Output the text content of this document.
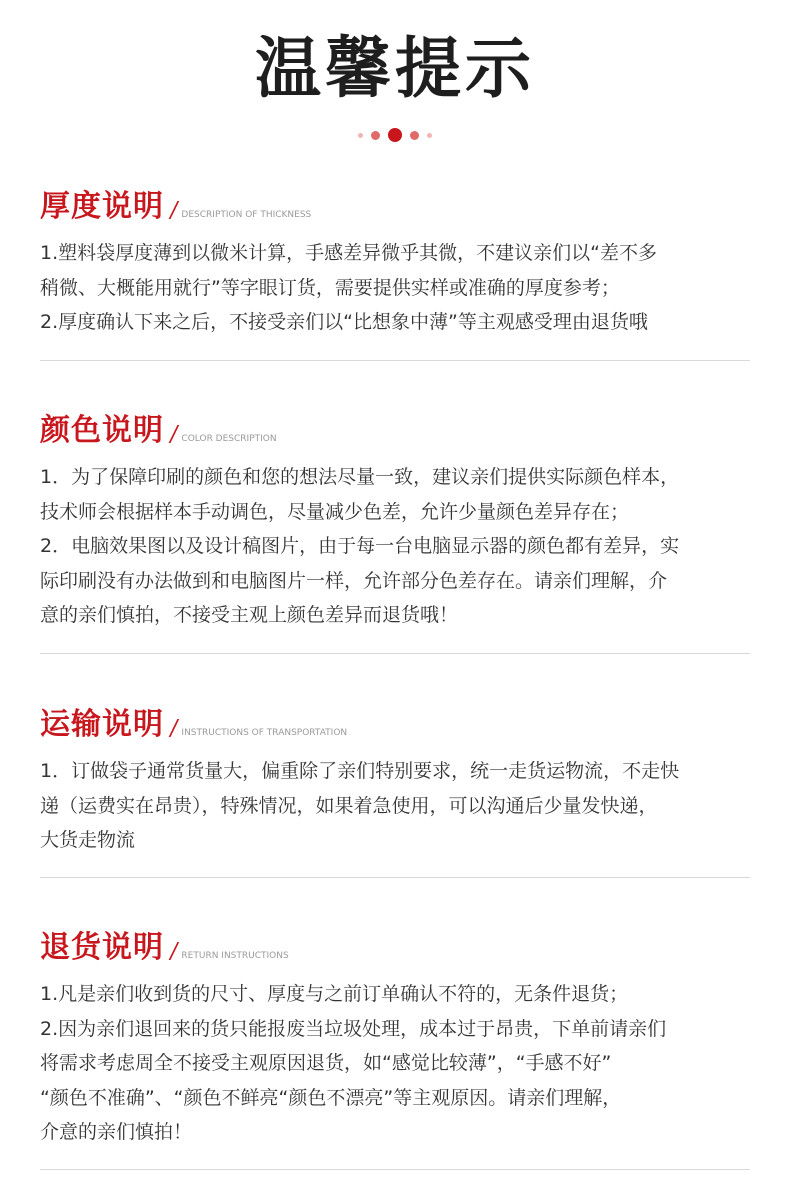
温馨提示
厚度说明 / DESCRIPTION OF THICKNESS
1.塑料袋厚度薄到以微米计算，手感差异微乎其微，不建议亲们以“差不多
稍微、大概能用就行”等字眼订货，需要提供实样或准确的厚度参考；
2.厚度确认下来之后，不接受亲们以“比想象中薄”等主观感受理由退货哦
颜色说明 / COLOR DESCRIPTION
1．为了保障印刷的颜色和您的想法尽量一致，建议亲们提供实际颜色样本，
技术师会根据样本手动调色，尽量减少色差，允许少量颜色差异存在；
2．电脑效果图以及设计稿图片，由于每一台电脑显示器的颜色都有差异，实
际印刷没有办法做到和电脑图片一样，允许部分色差存在。请亲们理解，介
意的亲们慎拍，不接受主观上颜色差异而退货哦！
运输说明 / INSTRUCTIONS OF TRANSPORTATION
1．订做袋子通常货量大，偏重除了亲们特别要求，统一走货运物流，不走快
递（运费实在昂贵），特殊情况，如果着急使用，可以沟通后少量发快递，
大货走物流
退货说明 / RETURN INSTRUCTIONS
1.凡是亲们收到货的尺寸、厚度与之前订单确认不符的，无条件退货；
2.因为亲们退回来的货只能报废当垃圾处理，成本过于昂贵，下单前请亲们
将需求考虑周全不接受主观原因退货，如“感觉比较薄”，“手感不好”
“颜色不准确”、“颜色不鲜亮“颜色不漂亮”等主观原因。请亲们理解，
介意的亲们慎拍！
